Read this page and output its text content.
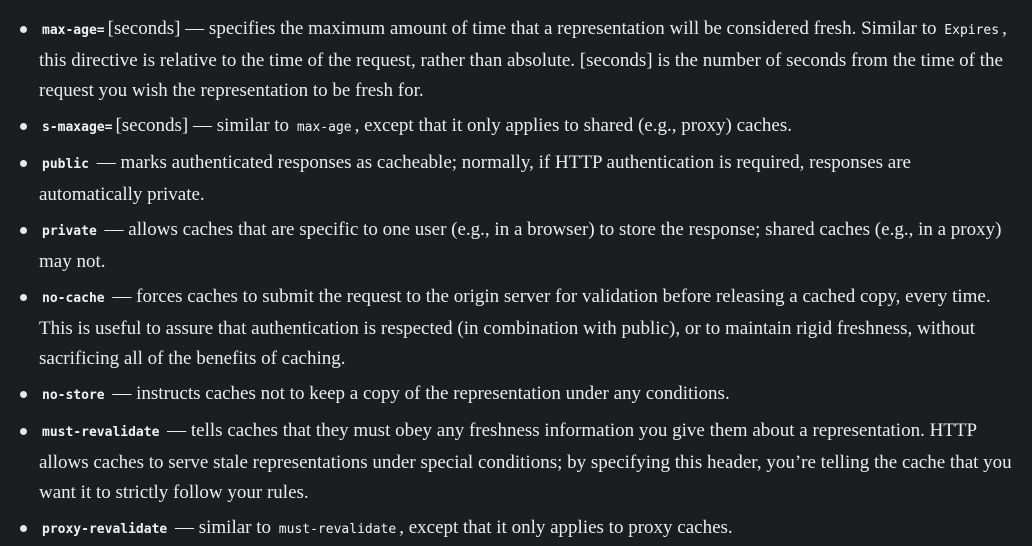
max-age= [seconds] — specifies the maximum amount of time that a representation will be considered fresh. Similar to Expires , this directive is relative to the time of the request, rather than absolute. [seconds] is the number of seconds from the time of the request you wish the representation to be fresh for.
s-maxage= [seconds] — similar to max-age , except that it only applies to shared (e.g., proxy) caches.
public — marks authenticated responses as cacheable; normally, if HTTP authentication is required, responses are automatically private.
private — allows caches that are specific to one user (e.g., in a browser) to store the response; shared caches (e.g., in a proxy) may not.
no-cache — forces caches to submit the request to the origin server for validation before releasing a cached copy, every time. This is useful to assure that authentication is respected (in combination with public), or to maintain rigid freshness, without sacrificing all of the benefits of caching.
no-store — instructs caches not to keep a copy of the representation under any conditions.
must-revalidate — tells caches that they must obey any freshness information you give them about a representation. HTTP allows caches to serve stale representations under special conditions; by specifying this header, you’re telling the cache that you want it to strictly follow your rules.
proxy-revalidate — similar to must-revalidate , except that it only applies to proxy caches.
